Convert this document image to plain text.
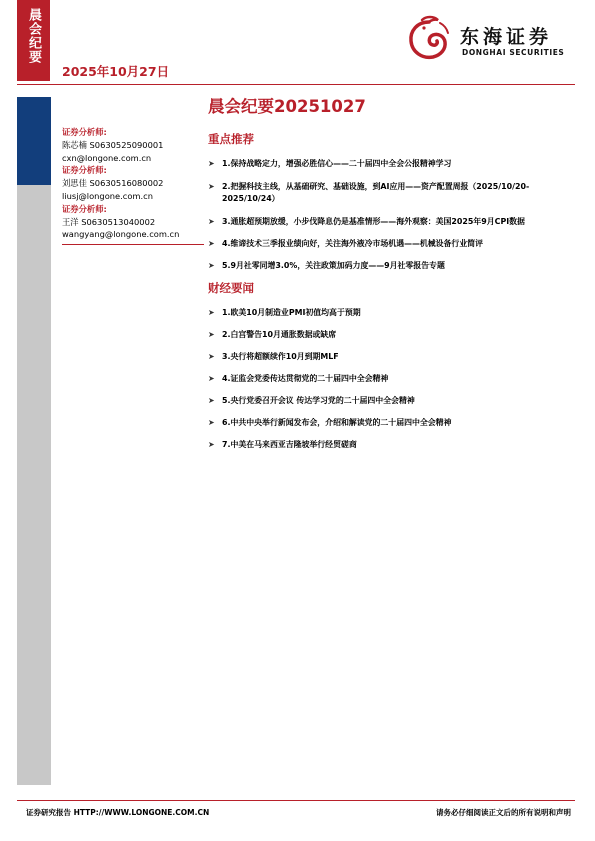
晨会纪要
2025年10月27日
东海证券
DONGHAI SECURITIES
晨会纪要20251027
证券分析师:
陈芯楠 S0630525090001
cxn@longone.com.cn
证券分析师:
刘思佳 S0630516080002
liusj@longone.com.cn
证券分析师:
王洋 S0630513040002
wangyang@longone.com.cn
重点推荐
➤ 1.保持战略定力，增强必胜信心——二十届四中全会公报精神学习
➤ 2.把握科技主线，从基础研究、基础设施，到AI应用——资产配置周报（2025/10/20-2025/10/24）
➤ 3.通胀超预期放缓，小步伐降息仍是基准情形——海外观察：美国2025年9月CPI数据
➤ 4.维谛技术三季报业绩向好，关注海外液冷市场机遇——机械设备行业简评
➤ 5.9月社零同增3.0%，关注政策加码力度——9月社零报告专题
财经要闻
➤ 1.欧美10月制造业PMI初值均高于预期
➤ 2.白宫警告10月通胀数据或缺席
➤ 3.央行将超额续作10月到期MLF
➤ 4.证监会党委传达贯彻党的二十届四中全会精神
➤ 5.央行党委召开会议 传达学习党的二十届四中全会精神
➤ 6.中共中央举行新闻发布会，介绍和解读党的二十届四中全会精神
➤ 7.中美在马来西亚吉隆坡举行经贸磋商
证券研究报告 HTTP://WWW.LONGONE.COM.CN	请务必仔细阅读正文后的所有说明和声明
